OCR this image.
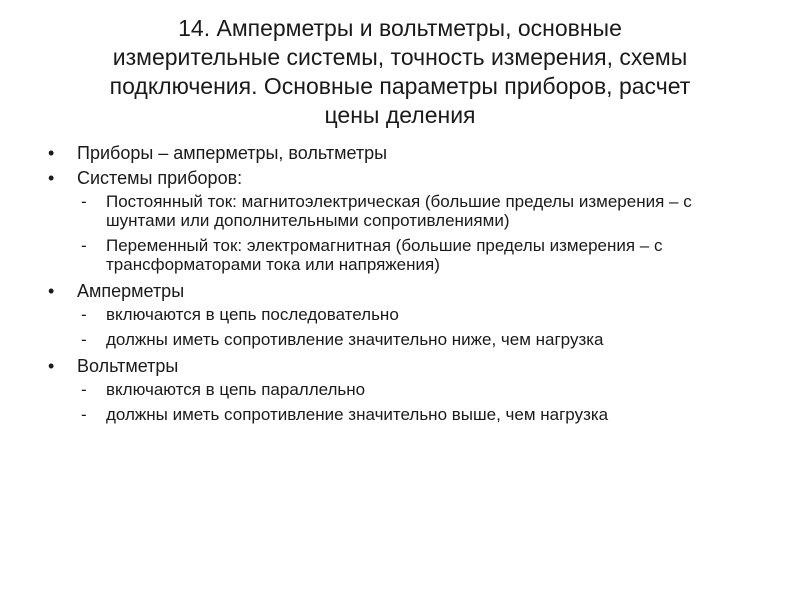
14. Амперметры и вольтметры, основные
измерительные системы, точность измерения, схемы
подключения. Основные параметры приборов, расчет
цены деления
• Приборы – амперметры, вольтметры
• Системы приборов:
- Постоянный ток: магнитоэлектрическая (большие пределы измерения – с шунтами или дополнительными сопротивлениями)
- Переменный ток: электромагнитная (большие пределы измерения – с трансформаторами тока или напряжения)
• Амперметры
- включаются в цепь последовательно
- должны иметь сопротивление значительно ниже, чем нагрузка
• Вольтметры
- включаются в цепь параллельно
- должны иметь сопротивление значительно выше, чем нагрузка
